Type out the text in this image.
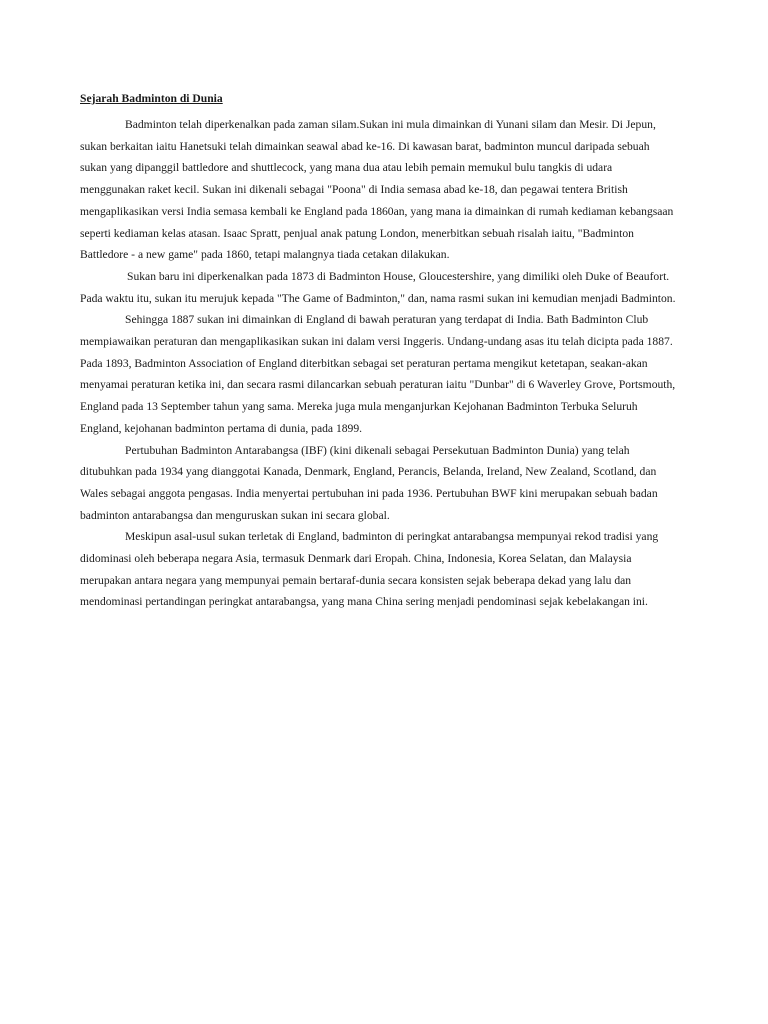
Sejarah Badminton di Dunia

Badminton telah diperkenalkan pada zaman silam.Sukan ini mula dimainkan di Yunani silam dan Mesir. Di Jepun, sukan berkaitan iaitu Hanetsuki telah dimainkan seawal abad ke-16. Di kawasan barat, badminton muncul daripada sebuah sukan yang dipanggil battledore and shuttlecock, yang mana dua atau lebih pemain memukul bulu tangkis di udara menggunakan raket kecil. Sukan ini dikenali sebagai "Poona" di India semasa abad ke-18, dan pegawai tentera British mengaplikasikan versi India semasa kembali ke England pada 1860an, yang mana ia dimainkan di rumah kediaman kebangsaan seperti kediaman kelas atasan. Isaac Spratt, penjual anak patung London, menerbitkan sebuah risalah iaitu, "Badminton Battledore - a new game" pada 1860, tetapi malangnya tiada cetakan dilakukan.

Sukan baru ini diperkenalkan pada 1873 di Badminton House, Gloucestershire, yang dimiliki oleh Duke of Beaufort. Pada waktu itu, sukan itu merujuk kepada "The Game of Badminton," dan, nama rasmi sukan ini kemudian menjadi Badminton.

Sehingga 1887 sukan ini dimainkan di England di bawah peraturan yang terdapat di India. Bath Badminton Club mempiawaikan peraturan dan mengaplikasikan sukan ini dalam versi Inggeris. Undang-undang asas itu telah dicipta pada 1887. Pada 1893, Badminton Association of England diterbitkan sebagai set peraturan pertama mengikut ketetapan, seakan-akan menyamai peraturan ketika ini, dan secara rasmi dilancarkan sebuah peraturan iaitu "Dunbar" di 6 Waverley Grove, Portsmouth, England pada 13 September tahun yang sama. Mereka juga mula menganjurkan Kejohanan Badminton Terbuka Seluruh England, kejohanan badminton pertama di dunia, pada 1899.

Pertubuhan Badminton Antarabangsa (IBF) (kini dikenali sebagai Persekutuan Badminton Dunia) yang telah ditubuhkan pada 1934 yang dianggotai Kanada, Denmark, England, Perancis, Belanda, Ireland, New Zealand, Scotland, dan Wales sebagai anggota pengasas. India menyertai pertubuhan ini pada 1936. Pertubuhan BWF kini merupakan sebuah badan badminton antarabangsa dan menguruskan sukan ini secara global.

Meskipun asal-usul sukan terletak di England, badminton di peringkat antarabangsa mempunyai rekod tradisi yang didominasi oleh beberapa negara Asia, termasuk Denmark dari Eropah. China, Indonesia, Korea Selatan, dan Malaysia merupakan antara negara yang mempunyai pemain bertaraf-dunia secara konsisten sejak beberapa dekad yang lalu dan mendominasi pertandingan peringkat antarabangsa, yang mana China sering menjadi pendominasi sejak kebelakangan ini.
